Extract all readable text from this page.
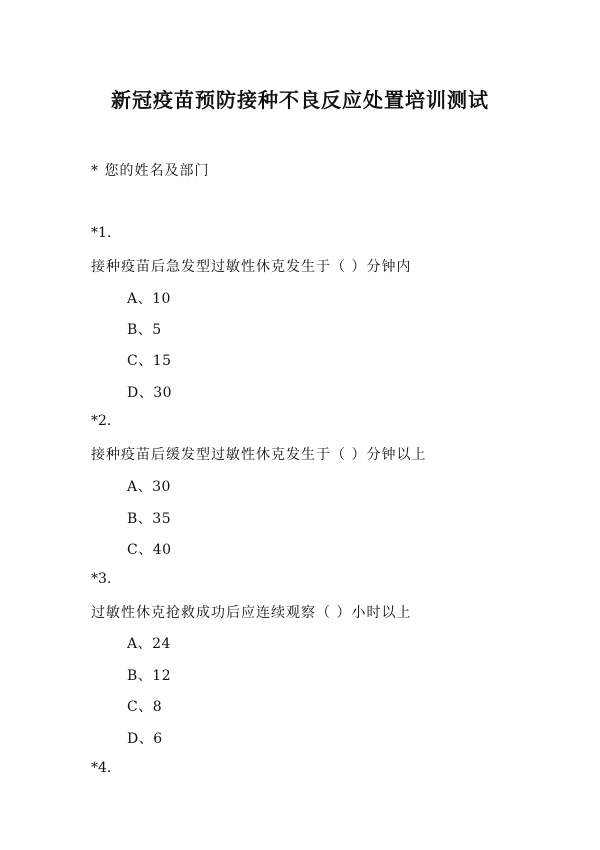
新冠疫苗预防接种不良反应处置培训测试
* 您的姓名及部门
*1.
接种疫苗后急发型过敏性休克发生于（ ）分钟内
A、10
B、5
C、15
D、30
*2.
接种疫苗后缓发型过敏性休克发生于（ ）分钟以上
A、30
B、35
C、40
*3.
过敏性休克抢救成功后应连续观察（ ）小时以上
A、24
B、12
C、8
D、6
*4.
